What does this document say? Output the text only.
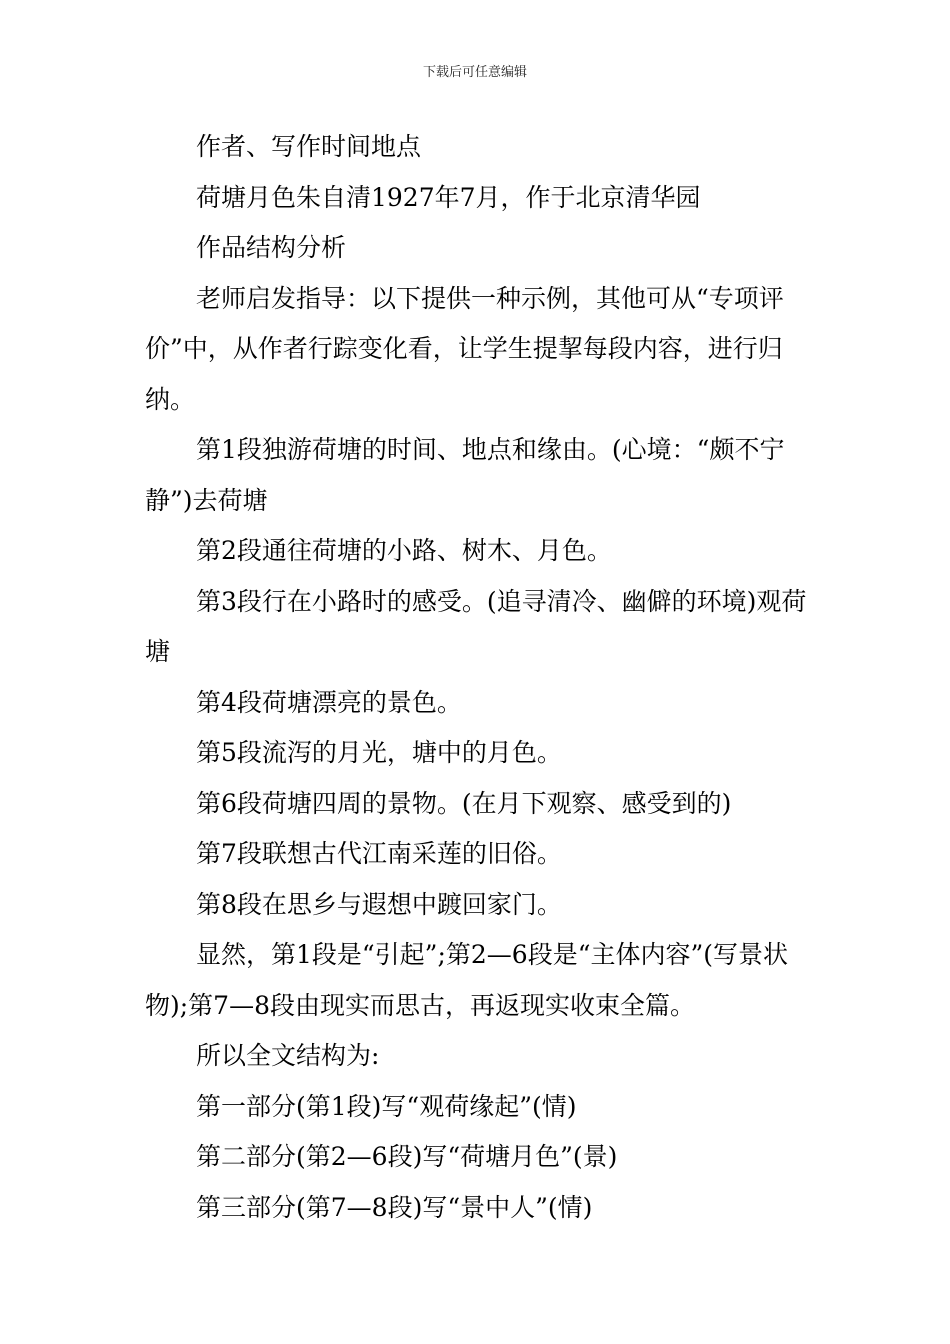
下载后可任意编辑

作者、写作时间地点

荷塘月色朱自清1927年7月，作于北京清华园

作品结构分析

老师启发指导：以下提供一种示例，其他可从“专项评价”中，从作者行踪变化看，让学生提挈每段内容，进行归纳。

第1段独游荷塘的时间、地点和缘由。(心境：“颇不宁静”)去荷塘

第2段通往荷塘的小路、树木、月色。

第3段行在小路时的感受。(追寻清冷、幽僻的环境)观荷塘

第4段荷塘漂亮的景色。

第5段流泻的月光，塘中的月色。

第6段荷塘四周的景物。(在月下观察、感受到的)

第7段联想古代江南采莲的旧俗。

第8段在思乡与遐想中踱回家门。

显然，第1段是“引起”;第2—6段是“主体内容”(写景状物);第7—8段由现实而思古，再返现实收束全篇。

所以全文结构为:

第一部分(第1段)写“观荷缘起”(情)

第二部分(第2—6段)写“荷塘月色”(景)

第三部分(第7—8段)写“景中人”(情)
